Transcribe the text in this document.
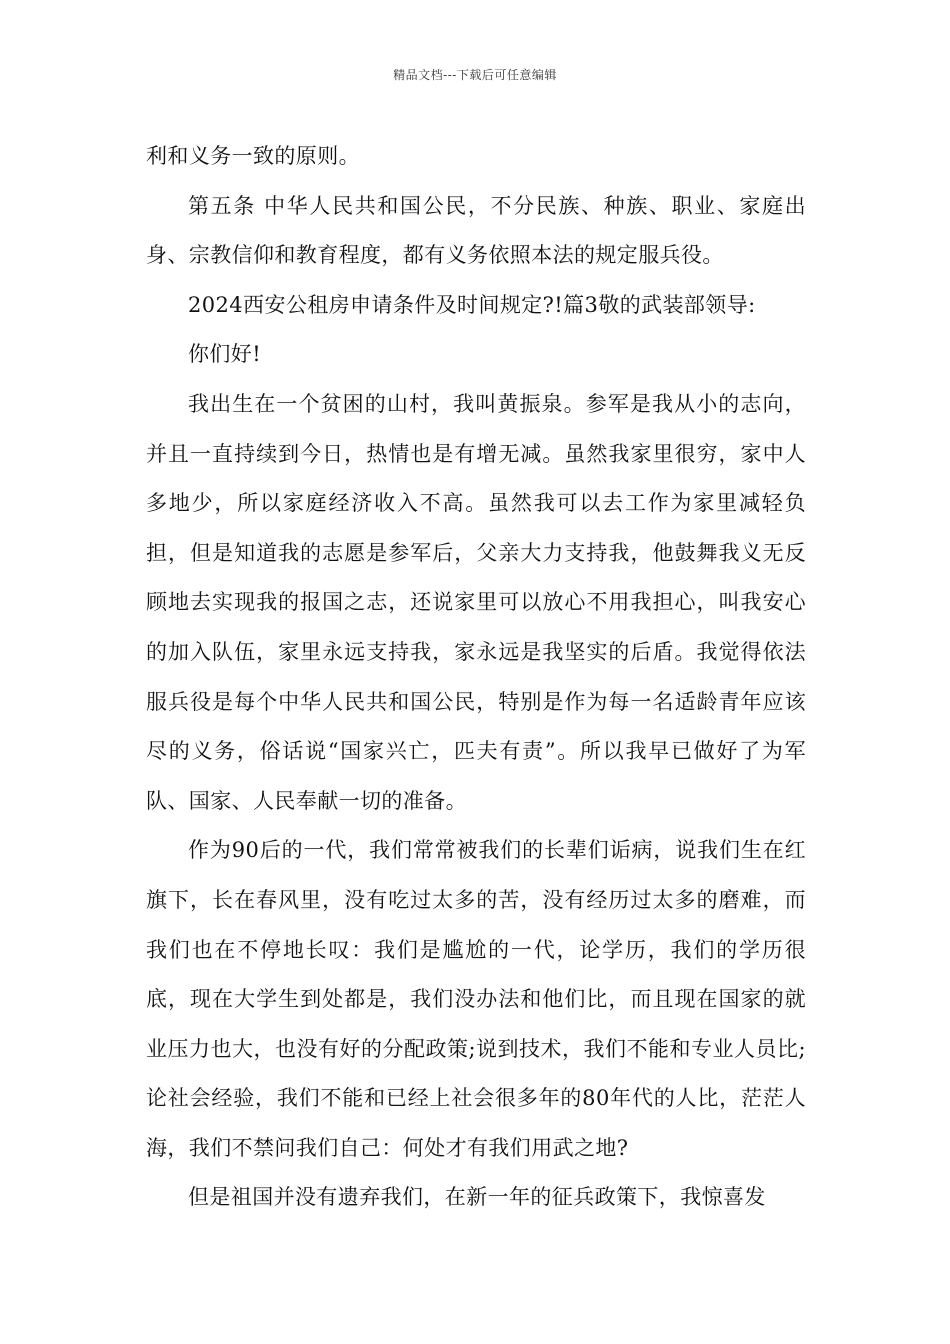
精品文档---下载后可任意编辑

利和义务一致的原则。

第五条 中华人民共和国公民，不分民族、种族、职业、家庭出身、宗教信仰和教育程度，都有义务依照本法的规定服兵役。

2024西安公租房申请条件及时间规定?!篇3敬的武装部领导:

你们好!

我出生在一个贫困的山村，我叫黄振泉。参军是我从小的志向，并且一直持续到今日，热情也是有增无减。虽然我家里很穷，家中人多地少，所以家庭经济收入不高。虽然我可以去工作为家里减轻负担，但是知道我的志愿是参军后，父亲大力支持我，他鼓舞我义无反顾地去实现我的报国之志，还说家里可以放心不用我担心，叫我安心的加入队伍，家里永远支持我，家永远是我坚实的后盾。我觉得依法服兵役是每个中华人民共和国公民，特别是作为每一名适龄青年应该尽的义务，俗话说“国家兴亡，匹夫有责”。所以我早已做好了为军队、国家、人民奉献一切的准备。

作为90后的一代，我们常常被我们的长辈们诟病，说我们生在红旗下，长在春风里，没有吃过太多的苦，没有经历过太多的磨难，而我们也在不停地长叹：我们是尴尬的一代，论学历，我们的学历很底，现在大学生到处都是，我们没办法和他们比，而且现在国家的就业压力也大，也没有好的分配政策;说到技术，我们不能和专业人员比;论社会经验，我们不能和已经上社会很多年的80年代的人比，茫茫人海，我们不禁问我们自己：何处才有我们用武之地?

但是祖国并没有遗弃我们，在新一年的征兵政策下，我惊喜发
